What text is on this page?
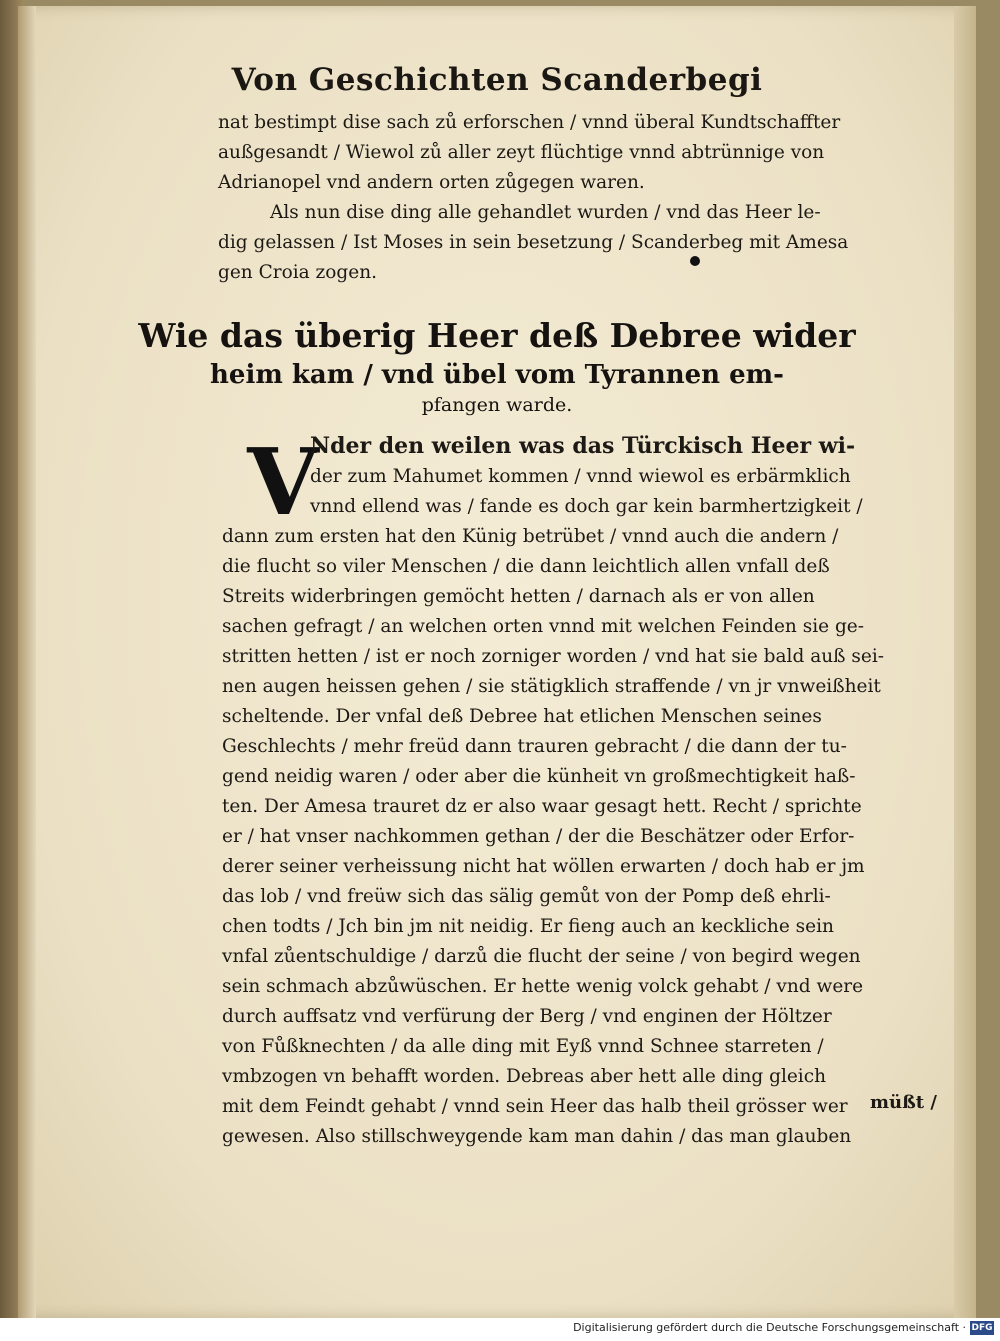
Von Geschichten Scanderbegi
Wie das überig Heer deß Debree wider
heim kam / vnd übel vom Tyrannen em-
pfangen warde.
nat bestimpt dise sach zů erforschen / vnnd überal Kundtschaffter
außgesandt / Wiewol zů aller zeyt flüchtige vnnd abtrünnige von
Adrianopel vnd andern orten zůgegen waren.
Als nun dise ding alle gehandlet wurden / vnd das Heer le-
dig gelassen / Ist Moses in sein besetzung / Scanderbeg mit Amesa
gen Croia zogen.
V
Nder den weilen was das Türckisch Heer wi-
der zum Mahumet kommen / vnnd wiewol es erbärmklich
vnnd ellend was / fande es doch gar kein barmhertzigkeit /
dann zum ersten hat den Künig betrübet / vnnd auch die andern /
die flucht so viler Menschen / die dann leichtlich allen vnfall deß
Streits widerbringen gemöcht hetten / darnach als er von allen
sachen gefragt / an welchen orten vnnd mit welchen Feinden sie ge-
stritten hetten / ist er noch zorniger worden / vnd hat sie bald auß sei-
nen augen heissen gehen / sie stätigklich straffende / vn jr vnweißheit
scheltende. Der vnfal deß Debree hat etlichen Menschen seines
Geschlechts / mehr freüd dann trauren gebracht / die dann der tu-
gend neidig waren / oder aber die künheit vn großmechtigkeit haß-
ten. Der Amesa trauret dz er also waar gesagt hett. Recht / sprichte
er / hat vnser nachkommen gethan / der die Beschätzer oder Erfor-
derer seiner verheissung nicht hat wöllen erwarten / doch hab er jm
das lob / vnd freüw sich das sälig gemůt von der Pomp deß ehrli-
chen todts / Jch bin jm nit neidig. Er fieng auch an keckliche sein
vnfal zůentschuldige / darzů die flucht der seine / von begird wegen
sein schmach abzůwüschen. Er hette wenig volck gehabt / vnd were
durch auffsatz vnd verfürung der Berg / vnd enginen der Höltzer
von Fůßknechten / da alle ding mit Eyß vnnd Schnee starreten /
vmbzogen vn behafft worden. Debreas aber hett alle ding gleich
mit dem Feindt gehabt / vnnd sein Heer das halb theil grösser wer
gewesen. Also stillschweygende kam man dahin / das man glauben
müßt /
Digitalisierung gefördert durch die Deutsche Forschungsgemeinschaft · DFG
